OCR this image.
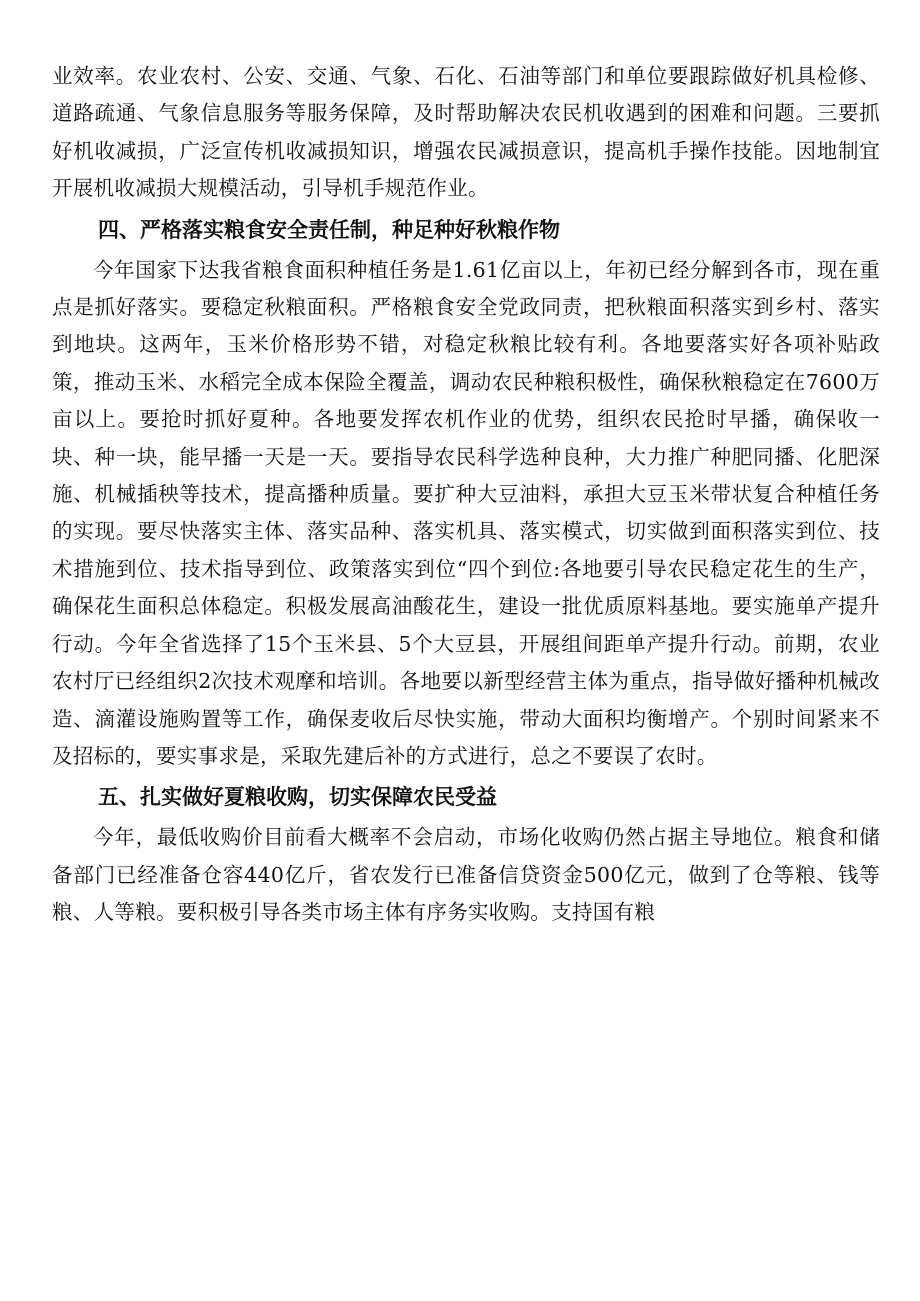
业效率。农业农村、公安、交通、气象、石化、石油等部门和单位要跟踪做好机具检修、道路疏通、气象信息服务等服务保障，及时帮助解决农民机收遇到的困难和问题。三要抓好机收减损，广泛宣传机收减损知识，增强农民减损意识，提高机手操作技能。因地制宜开展机收减损大规模活动，引导机手规范作业。

四、严格落实粮食安全责任制，种足种好秋粮作物

今年国家下达我省粮食面积种植任务是1.61亿亩以上，年初已经分解到各市，现在重点是抓好落实。要稳定秋粮面积。严格粮食安全党政同责，把秋粮面积落实到乡村、落实到地块。这两年，玉米价格形势不错，对稳定秋粮比较有利。各地要落实好各项补贴政策，推动玉米、水稻完全成本保险全覆盖，调动农民种粮积极性，确保秋粮稳定在7600万亩以上。要抢时抓好夏种。各地要发挥农机作业的优势，组织农民抢时早播，确保收一块、种一块，能早播一天是一天。要指导农民科学选种良种，大力推广种肥同播、化肥深施、机械插秧等技术，提高播种质量。要扩种大豆油料，承担大豆玉米带状复合种植任务的实现。要尽快落实主体、落实品种、落实机具、落实模式，切实做到面积落实到位、技术措施到位、技术指导到位、政策落实到位“四个到位:各地要引导农民稳定花生的生产，确保花生面积总体稳定。积极发展高油酸花生，建设一批优质原料基地。要实施单产提升行动。今年全省选择了15个玉米县、5个大豆县，开展组间距单产提升行动。前期，农业农村厅已经组织2次技术观摩和培训。各地要以新型经营主体为重点，指导做好播种机械改造、滴灌设施购置等工作，确保麦收后尽快实施，带动大面积均衡增产。个别时间紧来不及招标的，要实事求是，采取先建后补的方式进行，总之不要误了农时。

五、扎实做好夏粮收购，切实保障农民受益

今年，最低收购价目前看大概率不会启动，市场化收购仍然占据主导地位。粮食和储备部门已经准备仓容440亿斤，省农发行已准备信贷资金500亿元，做到了仓等粮、钱等粮、人等粮。要积极引导各类市场主体有序务实收购。支持国有粮
